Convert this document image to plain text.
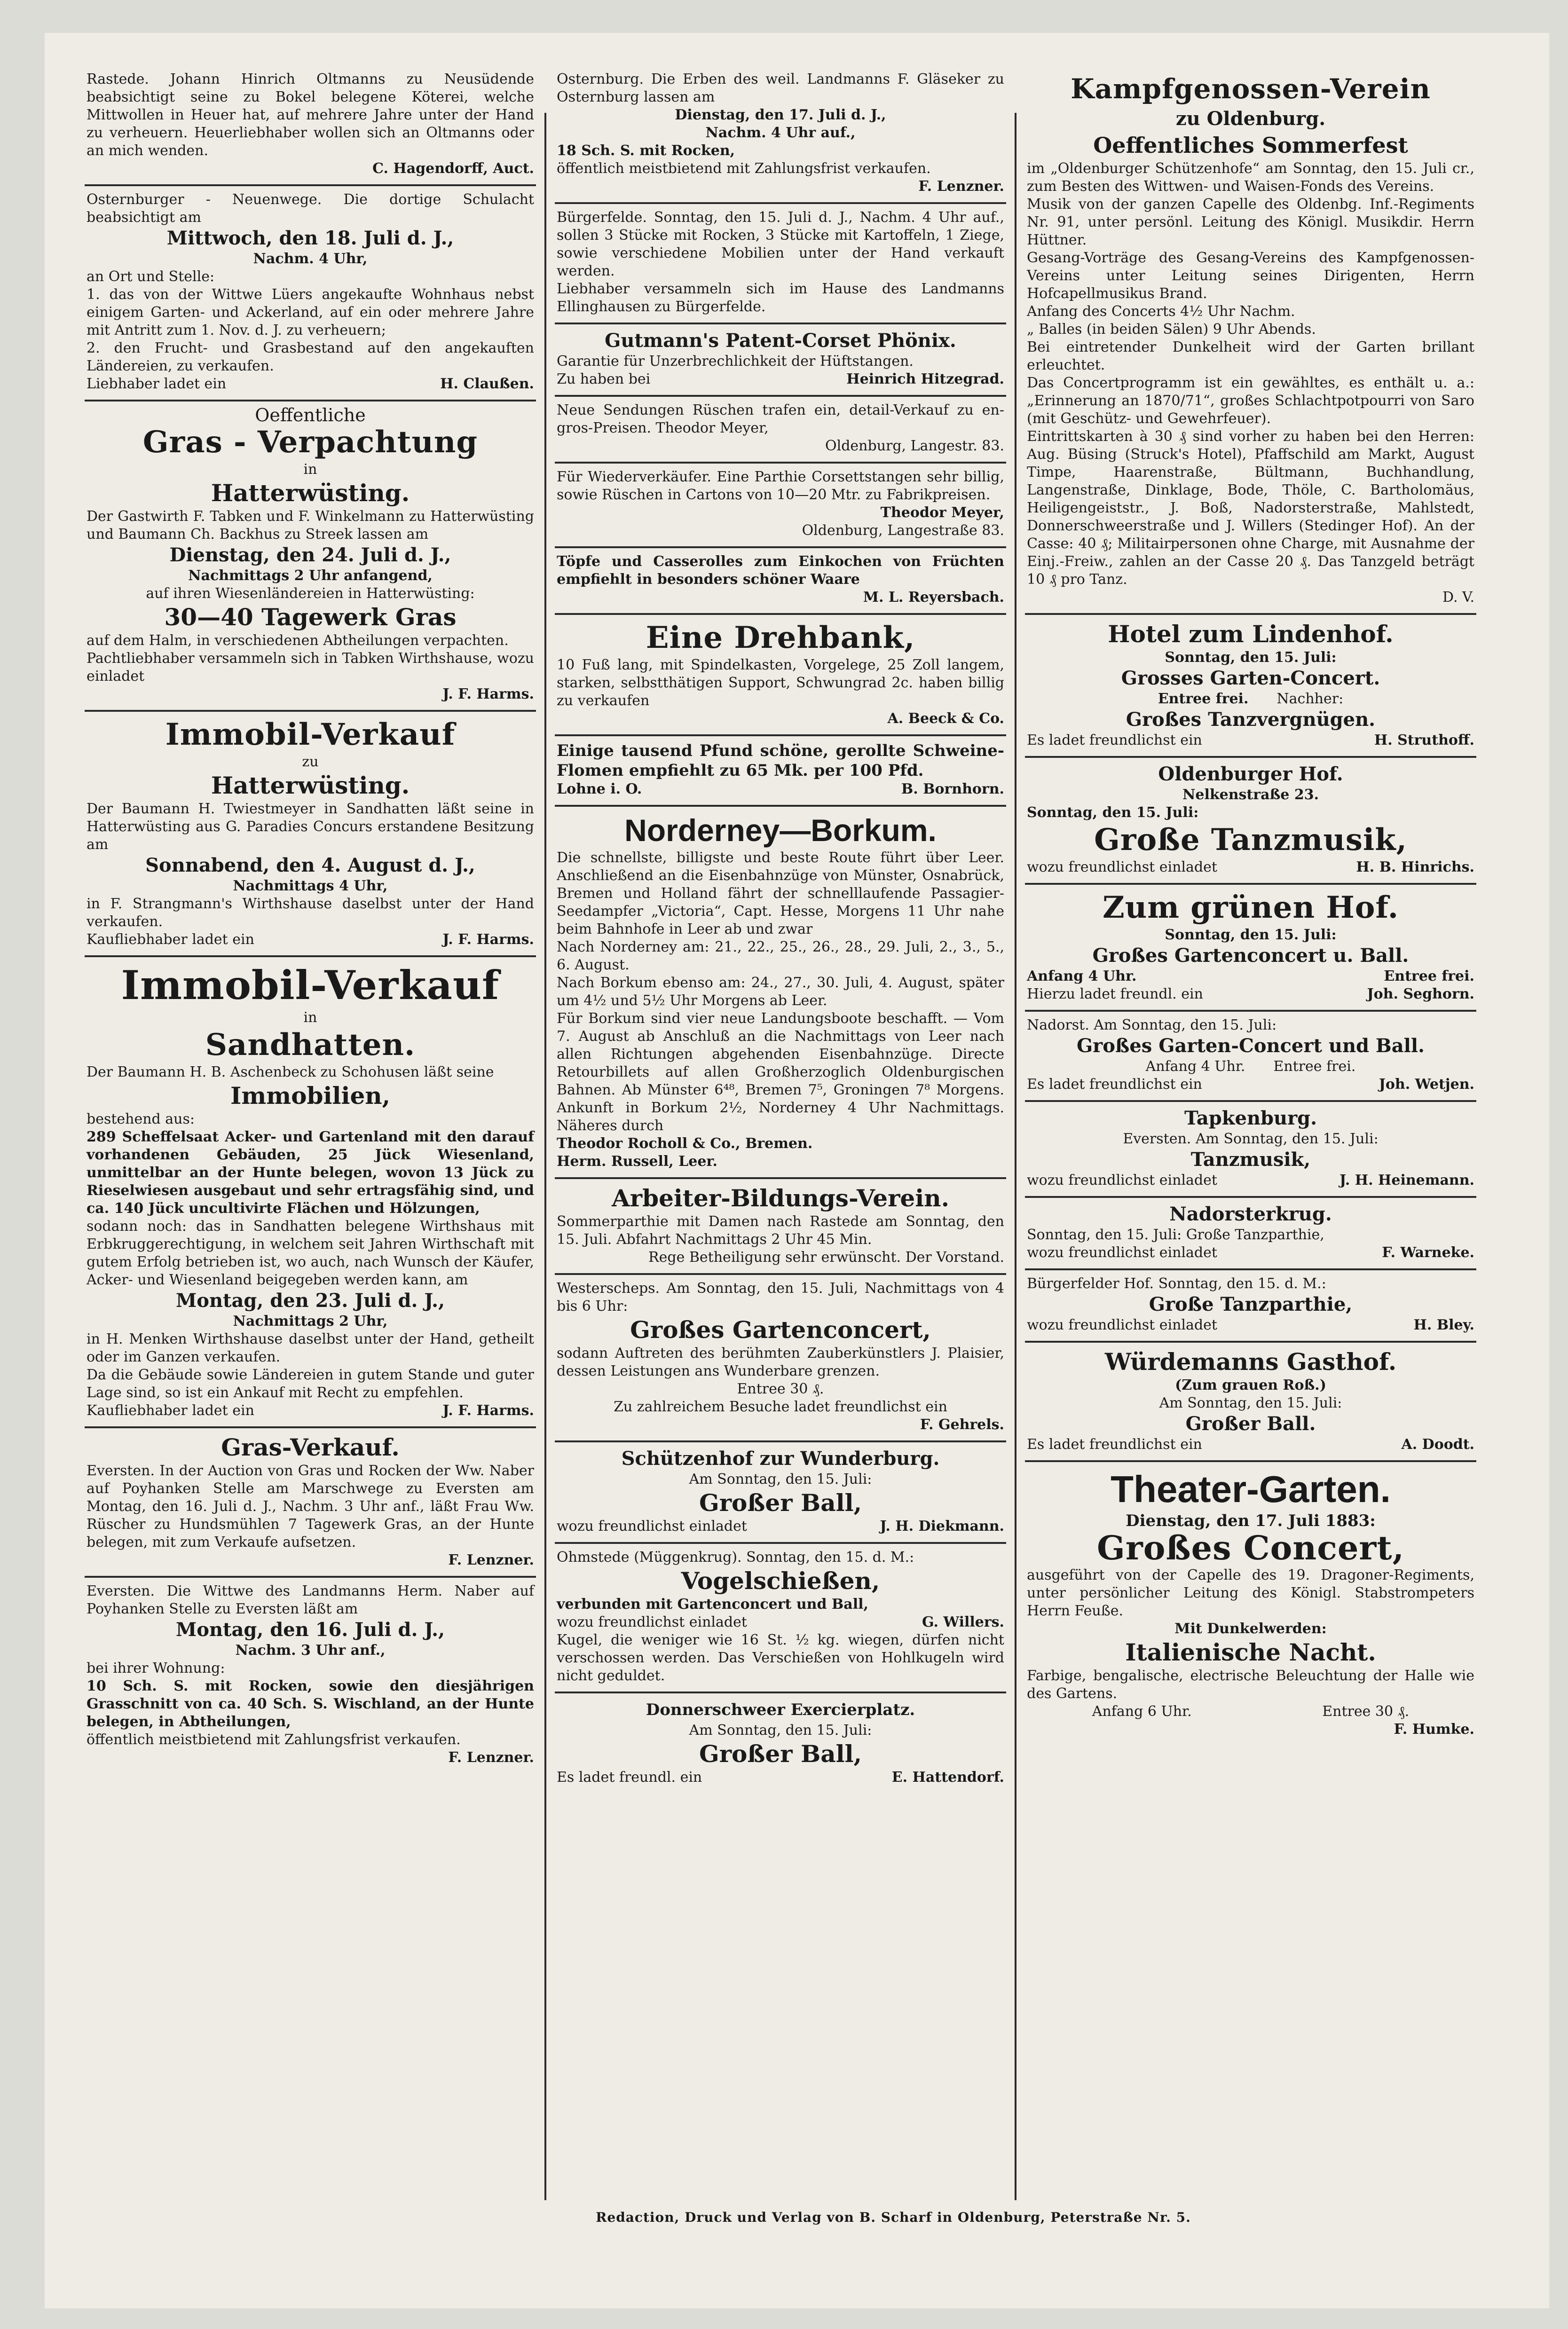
Rastede. Johann Hinrich Oltmanns zu Neusüdende beabsichtigt seine zu Bokel belegene Köterei, welche Mittwollen in Heuer hat, auf mehrere Jahre unter der Hand zu verheuern. Heuerliebhaber wollen sich an Oltmanns oder an mich wenden.

C. Hagendorff, Auct.

Osternburger - Neuenwege. Die dortige Schulacht beabsichtigt am

Mittwoch, den 18. Juli d. J.,

Nachm. 4 Uhr,

an Ort und Stelle:

1. das von der Wittwe Lüers angekaufte Wohnhaus nebst einigem Garten- und Ackerland, auf ein oder mehrere Jahre mit Antritt zum 1. Nov. d. J. zu verheuern;

2. den Frucht- und Grasbestand auf den angekauften Ländereien, zu verkaufen.

Liebhaber ladet ein	H. Claußen.

Oeffentliche

Gras - Verpachtung

in

Hatterwüsting.

Der Gastwirth F. Tabken und F. Winkelmann zu Hatterwüsting und Baumann Ch. Backhus zu Streek lassen am

Dienstag, den 24. Juli d. J.,

Nachmittags 2 Uhr anfangend,

auf ihren Wiesenländereien in Hatterwüsting:

30—40 Tagewerk Gras

auf dem Halm, in verschiedenen Abtheilungen verpachten.

Pachtliebhaber versammeln sich in Tabken Wirthshause, wozu einladet

J. F. Harms.

Immobil-Verkauf

zu

Hatterwüsting.

Der Baumann H. Twiestmeyer in Sandhatten läßt seine in Hatterwüsting aus G. Paradies Concurs erstandene Besitzung am

Sonnabend, den 4. August d. J.,

Nachmittags 4 Uhr,

in F. Strangmann's Wirthshause daselbst unter der Hand verkaufen.

Kaufliebhaber ladet ein	J. F. Harms.

Immobil-Verkauf

in

Sandhatten.

Der Baumann H. B. Aschenbeck zu Schohusen läßt seine

Immobilien,

bestehend aus:

289 Scheffelsaat Acker- und Gartenland mit den darauf vorhandenen Gebäuden, 25 Jück Wiesenland, unmittelbar an der Hunte belegen, wovon 13 Jück zu Rieselwiesen ausgebaut und sehr ertragsfähig sind, und ca. 140 Jück uncultivirte Flächen und Hölzungen,

sodann noch: das in Sandhatten belegene Wirthshaus mit Erbkruggerechtigung, in welchem seit Jahren Wirthschaft mit gutem Erfolg betrieben ist, wo auch, nach Wunsch der Käufer, Acker- und Wiesenland beigegeben werden kann, am

Montag, den 23. Juli d. J.,

Nachmittags 2 Uhr,

in H. Menken Wirthshause daselbst unter der Hand, getheilt oder im Ganzen verkaufen.

Da die Gebäude sowie Ländereien in gutem Stande und guter Lage sind, so ist ein Ankauf mit Recht zu empfehlen.

Kaufliebhaber ladet ein	J. F. Harms.

Gras-Verkauf.

Eversten. In der Auction von Gras und Rocken der Ww. Naber auf Poyhanken Stelle am Marschwege zu Eversten am Montag, den 16. Juli d. J., Nachm. 3 Uhr anf., läßt Frau Ww. Rüscher zu Hundsmühlen 7 Tagewerk Gras, an der Hunte belegen, mit zum Verkaufe aufsetzen.

F. Lenzner.

Eversten. Die Wittwe des Landmanns Herm. Naber auf Poyhanken Stelle zu Eversten läßt am

Montag, den 16. Juli d. J.,

Nachm. 3 Uhr anf.,

bei ihrer Wohnung:

10 Sch. S. mit Rocken, sowie den diesjährigen Grasschnitt von ca. 40 Sch. S. Wischland, an der Hunte belegen, in Abtheilungen,

öffentlich meistbietend mit Zahlungsfrist verkaufen.

F. Lenzner.

Osternburg. Die Erben des weil. Landmanns F. Gläseker zu Osternburg lassen am

Dienstag, den 17. Juli d. J.,

Nachm. 4 Uhr auf.,

18 Sch. S. mit Rocken,

öffentlich meistbietend mit Zahlungsfrist verkaufen.

F. Lenzner.

Bürgerfelde. Sonntag, den 15. Juli d. J., Nachm. 4 Uhr auf., sollen 3 Stücke mit Rocken, 3 Stücke mit Kartoffeln, 1 Ziege, sowie verschiedene Mobilien unter der Hand verkauft werden.

Liebhaber versammeln sich im Hause des Landmanns Ellinghausen zu Bürgerfelde.

Gutmann's Patent-Corset Phönix.

Garantie für Unzerbrechlichkeit der Hüftstangen.

Zu haben bei	Heinrich Hitzegrad.

Neue Sendungen Rüschen trafen ein, detail-Verkauf zu en-gros-Preisen. Theodor Meyer,

Oldenburg, Langestr. 83.

Für Wiederverkäufer. Eine Parthie Corsettstangen sehr billig, sowie Rüschen in Cartons von 10—20 Mtr. zu Fabrikpreisen.

Theodor Meyer,

Oldenburg, Langestraße 83.

Töpfe und Casserolles zum Einkochen von Früchten empfiehlt in besonders schöner Waare

M. L. Reyersbach.

Eine Drehbank,

10 Fuß lang, mit Spindelkasten, Vorgelege, 25 Zoll langem, starken, selbstthätigen Support, Schwungrad 2c. haben billig zu verkaufen

A. Beeck & Co.

Einige tausend Pfund schöne, gerollte Schweine-Flomen empfiehlt zu 65 Mk. per 100 Pfd.

Lohne i. O.	B. Bornhorn.

Norderney—Borkum.

Die schnellste, billigste und beste Route führt über Leer. Anschließend an die Eisenbahnzüge von Münster, Osnabrück, Bremen und Holland fährt der schnelllaufende Passagier-Seedampfer „Victoria“, Capt. Hesse, Morgens 11 Uhr nahe beim Bahnhofe in Leer ab und zwar

Nach Norderney am: 21., 22., 25., 26., 28., 29. Juli, 2., 3., 5., 6. August.

Nach Borkum ebenso am: 24., 27., 30. Juli, 4. August, später um 4½ und 5½ Uhr Morgens ab Leer.

Für Borkum sind vier neue Landungsboote beschafft. — Vom 7. August ab Anschluß an die Nachmittags von Leer nach allen Richtungen abgehenden Eisenbahnzüge. Directe Retourbillets auf allen Großherzoglich Oldenburgischen Bahnen. Ab Münster 6⁴⁸, Bremen 7⁵, Groningen 7⁸ Morgens. Ankunft in Borkum 2½, Norderney 4 Uhr Nachmittags. Näheres durch

Theodor Rocholl & Co., Bremen.

Herm. Russell, Leer.

Arbeiter-Bildungs-Verein.

Sommerparthie mit Damen nach Rastede am Sonntag, den 15. Juli. Abfahrt Nachmittags 2 Uhr 45 Min.

Rege Betheiligung sehr erwünscht. Der Vorstand.

Westerscheps. Am Sonntag, den 15. Juli, Nachmittags von 4 bis 6 Uhr:

Großes Gartenconcert,

sodann Auftreten des berühmten Zauberkünstlers J. Plaisier, dessen Leistungen ans Wunderbare grenzen.

Entree 30 ₰.

Zu zahlreichem Besuche ladet freundlichst ein

F. Gehrels.

Schützenhof zur Wunderburg.

Am Sonntag, den 15. Juli:

Großer Ball,

wozu freundlichst einladet	J. H. Diekmann.

Ohmstede (Müggenkrug). Sonntag, den 15. d. M.:

Vogelschießen,

verbunden mit Gartenconcert und Ball,

wozu freundlichst einladet	G. Willers.

Kugel, die weniger wie 16 St. ½ kg. wiegen, dürfen nicht verschossen werden. Das Verschießen von Hohlkugeln wird nicht geduldet.

Donnerschweer Exercierplatz.

Am Sonntag, den 15. Juli:

Großer Ball,

Es ladet freundl. ein	E. Hattendorf.

Kampfgenossen-Verein

zu Oldenburg.

Oeffentliches Sommerfest

im „Oldenburger Schützenhofe“ am Sonntag, den 15. Juli cr., zum Besten des Wittwen- und Waisen-Fonds des Vereins.

Musik von der ganzen Capelle des Oldenbg. Inf.-Regiments Nr. 91, unter persönl. Leitung des Königl. Musikdir. Herrn Hüttner.

Gesang-Vorträge des Gesang-Vereins des Kampfgenossen-Vereins unter Leitung seines Dirigenten, Herrn Hofcapellmusikus Brand.

Anfang des Concerts 4½ Uhr Nachm.

„ Balles (in beiden Sälen) 9 Uhr Abends.

Bei eintretender Dunkelheit wird der Garten brillant erleuchtet.

Das Concertprogramm ist ein gewähltes, es enthält u. a.: „Erinnerung an 1870/71“, großes Schlachtpotpourri von Saro (mit Geschütz- und Gewehrfeuer).

Eintrittskarten à 30 ₰ sind vorher zu haben bei den Herren: Aug. Büsing (Struck's Hotel), Pfaffschild am Markt, August Timpe, Haarenstraße, Bültmann, Buchhandlung, Langenstraße, Dinklage, Bode, Thöle, C. Bartholomäus, Heiligengeiststr., J. Boß, Nadorsterstraße, Mahlstedt, Donnerschweerstraße und J. Willers (Stedinger Hof). An der Casse: 40 ₰; Militairpersonen ohne Charge, mit Ausnahme der Einj.-Freiw., zahlen an der Casse 20 ₰. Das Tanzgeld beträgt 10 ₰ pro Tanz.

D. V.

Hotel zum Lindenhof.

Sonntag, den 15. Juli:

Grosses Garten-Concert.

Entree frei. Nachher:

Großes Tanzvergnügen.

Es ladet freundlichst ein	H. Struthoff.

Oldenburger Hof.

Nelkenstraße 23.

Sonntag, den 15. Juli:

Große Tanzmusik,

wozu freundlichst einladet	H. B. Hinrichs.

Zum grünen Hof.

Sonntag, den 15. Juli:

Großes Gartenconcert u. Ball.

Anfang 4 Uhr.	Entree frei.
Hierzu ladet freundl. ein	Joh. Seghorn.

Nadorst. Am Sonntag, den 15. Juli:

Großes Garten-Concert und Ball.

Anfang 4 Uhr. Entree frei.
Es ladet freundlichst ein	Joh. Wetjen.

Tapkenburg.

Eversten. Am Sonntag, den 15. Juli:

Tanzmusik,

wozu freundlichst einladet	J. H. Heinemann.

Nadorsterkrug.

Sonntag, den 15. Juli: Große Tanzparthie,

wozu freundlichst einladet	F. Warneke.

Bürgerfelder Hof. Sonntag, den 15. d. M.:

Große Tanzparthie,

wozu freundlichst einladet	H. Bley.

Würdemanns Gasthof.

(Zum grauen Roß.)

Am Sonntag, den 15. Juli:

Großer Ball.

Es ladet freundlichst ein	A. Doodt.

Theater-Garten.

Dienstag, den 17. Juli 1883:

Großes Concert,

ausgeführt von der Capelle des 19. Dragoner-Regiments, unter persönlicher Leitung des Königl. Stabstrompeters Herrn Feuße.

Mit Dunkelwerden:

Italienische Nacht.

Farbige, bengalische, electrische Beleuchtung der Halle wie des Gartens.

Anfang 6 Uhr.	Entree 30 ₰.

F. Humke.

Redaction, Druck und Verlag von B. Scharf in Oldenburg, Peterstraße Nr. 5.
